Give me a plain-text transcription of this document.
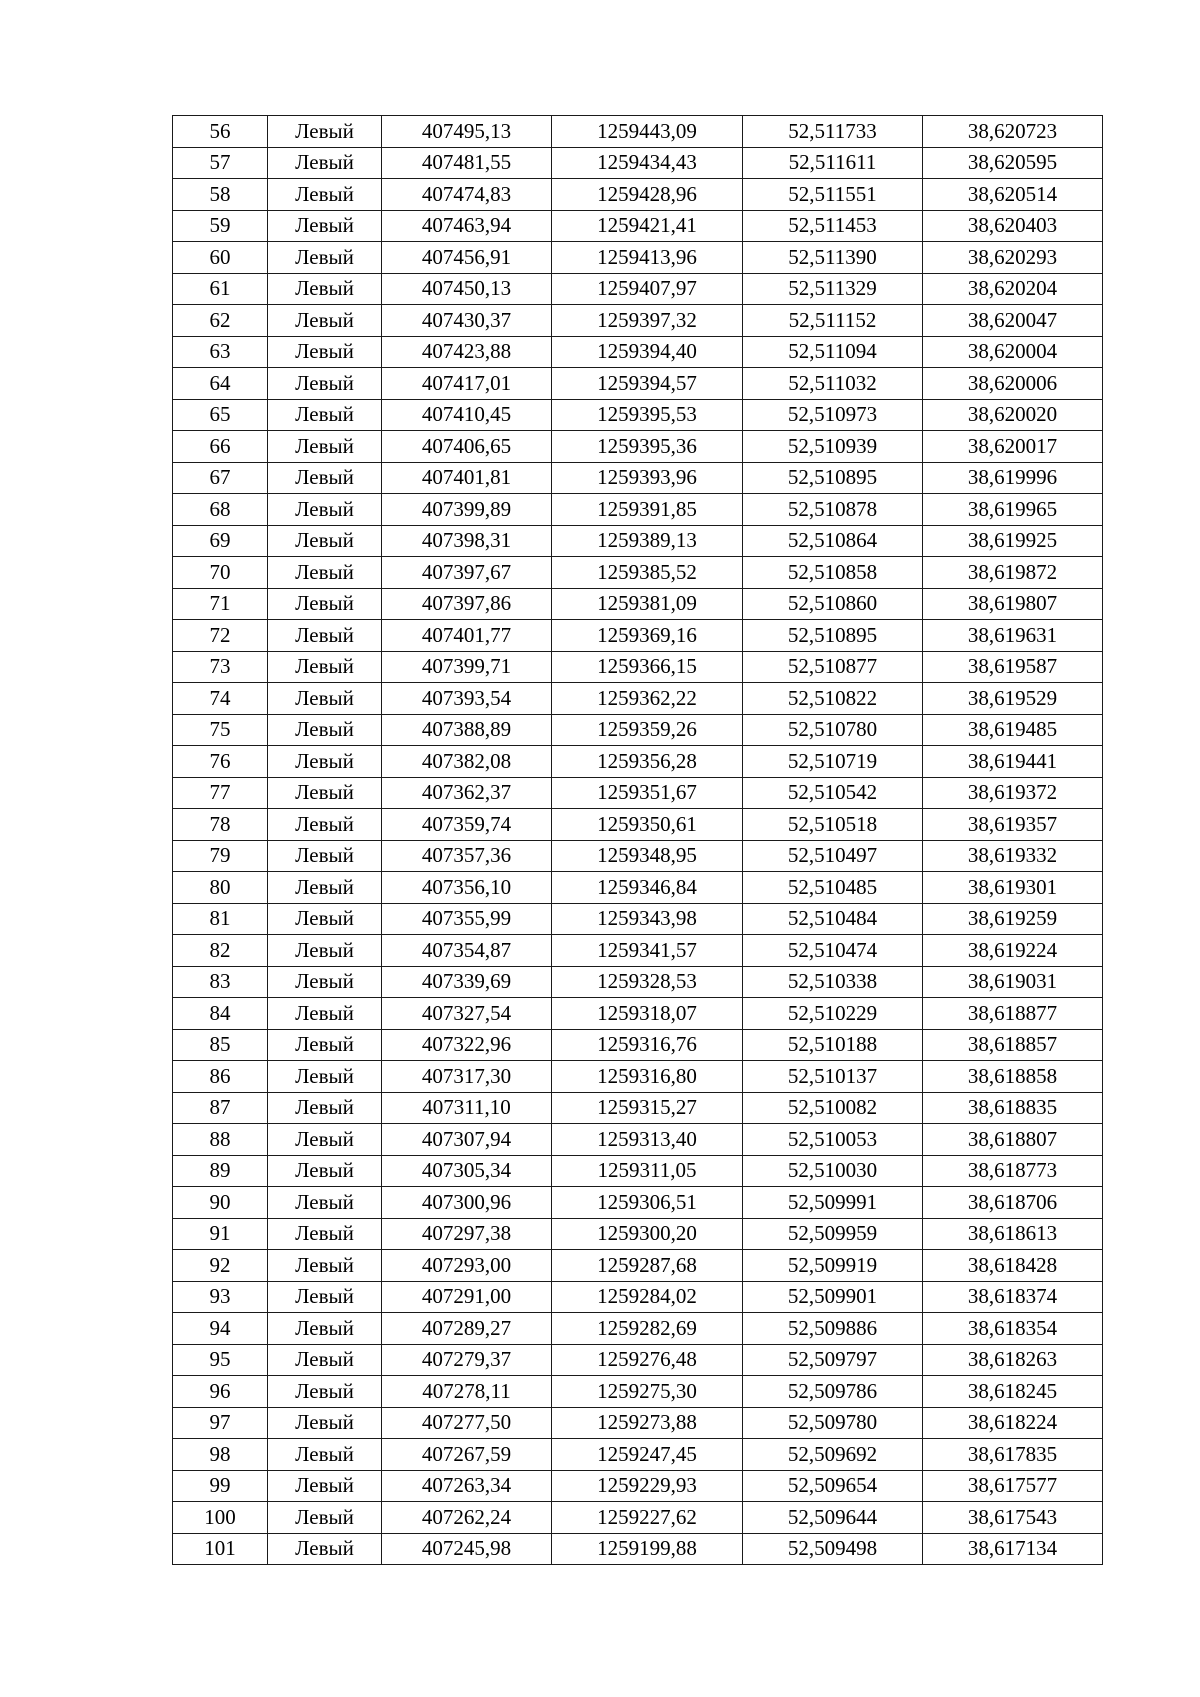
56	Левый	407495,13	1259443,09	52,511733	38,620723
57	Левый	407481,55	1259434,43	52,511611	38,620595
58	Левый	407474,83	1259428,96	52,511551	38,620514
59	Левый	407463,94	1259421,41	52,511453	38,620403
60	Левый	407456,91	1259413,96	52,511390	38,620293
61	Левый	407450,13	1259407,97	52,511329	38,620204
62	Левый	407430,37	1259397,32	52,511152	38,620047
63	Левый	407423,88	1259394,40	52,511094	38,620004
64	Левый	407417,01	1259394,57	52,511032	38,620006
65	Левый	407410,45	1259395,53	52,510973	38,620020
66	Левый	407406,65	1259395,36	52,510939	38,620017
67	Левый	407401,81	1259393,96	52,510895	38,619996
68	Левый	407399,89	1259391,85	52,510878	38,619965
69	Левый	407398,31	1259389,13	52,510864	38,619925
70	Левый	407397,67	1259385,52	52,510858	38,619872
71	Левый	407397,86	1259381,09	52,510860	38,619807
72	Левый	407401,77	1259369,16	52,510895	38,619631
73	Левый	407399,71	1259366,15	52,510877	38,619587
74	Левый	407393,54	1259362,22	52,510822	38,619529
75	Левый	407388,89	1259359,26	52,510780	38,619485
76	Левый	407382,08	1259356,28	52,510719	38,619441
77	Левый	407362,37	1259351,67	52,510542	38,619372
78	Левый	407359,74	1259350,61	52,510518	38,619357
79	Левый	407357,36	1259348,95	52,510497	38,619332
80	Левый	407356,10	1259346,84	52,510485	38,619301
81	Левый	407355,99	1259343,98	52,510484	38,619259
82	Левый	407354,87	1259341,57	52,510474	38,619224
83	Левый	407339,69	1259328,53	52,510338	38,619031
84	Левый	407327,54	1259318,07	52,510229	38,618877
85	Левый	407322,96	1259316,76	52,510188	38,618857
86	Левый	407317,30	1259316,80	52,510137	38,618858
87	Левый	407311,10	1259315,27	52,510082	38,618835
88	Левый	407307,94	1259313,40	52,510053	38,618807
89	Левый	407305,34	1259311,05	52,510030	38,618773
90	Левый	407300,96	1259306,51	52,509991	38,618706
91	Левый	407297,38	1259300,20	52,509959	38,618613
92	Левый	407293,00	1259287,68	52,509919	38,618428
93	Левый	407291,00	1259284,02	52,509901	38,618374
94	Левый	407289,27	1259282,69	52,509886	38,618354
95	Левый	407279,37	1259276,48	52,509797	38,618263
96	Левый	407278,11	1259275,30	52,509786	38,618245
97	Левый	407277,50	1259273,88	52,509780	38,618224
98	Левый	407267,59	1259247,45	52,509692	38,617835
99	Левый	407263,34	1259229,93	52,509654	38,617577
100	Левый	407262,24	1259227,62	52,509644	38,617543
101	Левый	407245,98	1259199,88	52,509498	38,617134
